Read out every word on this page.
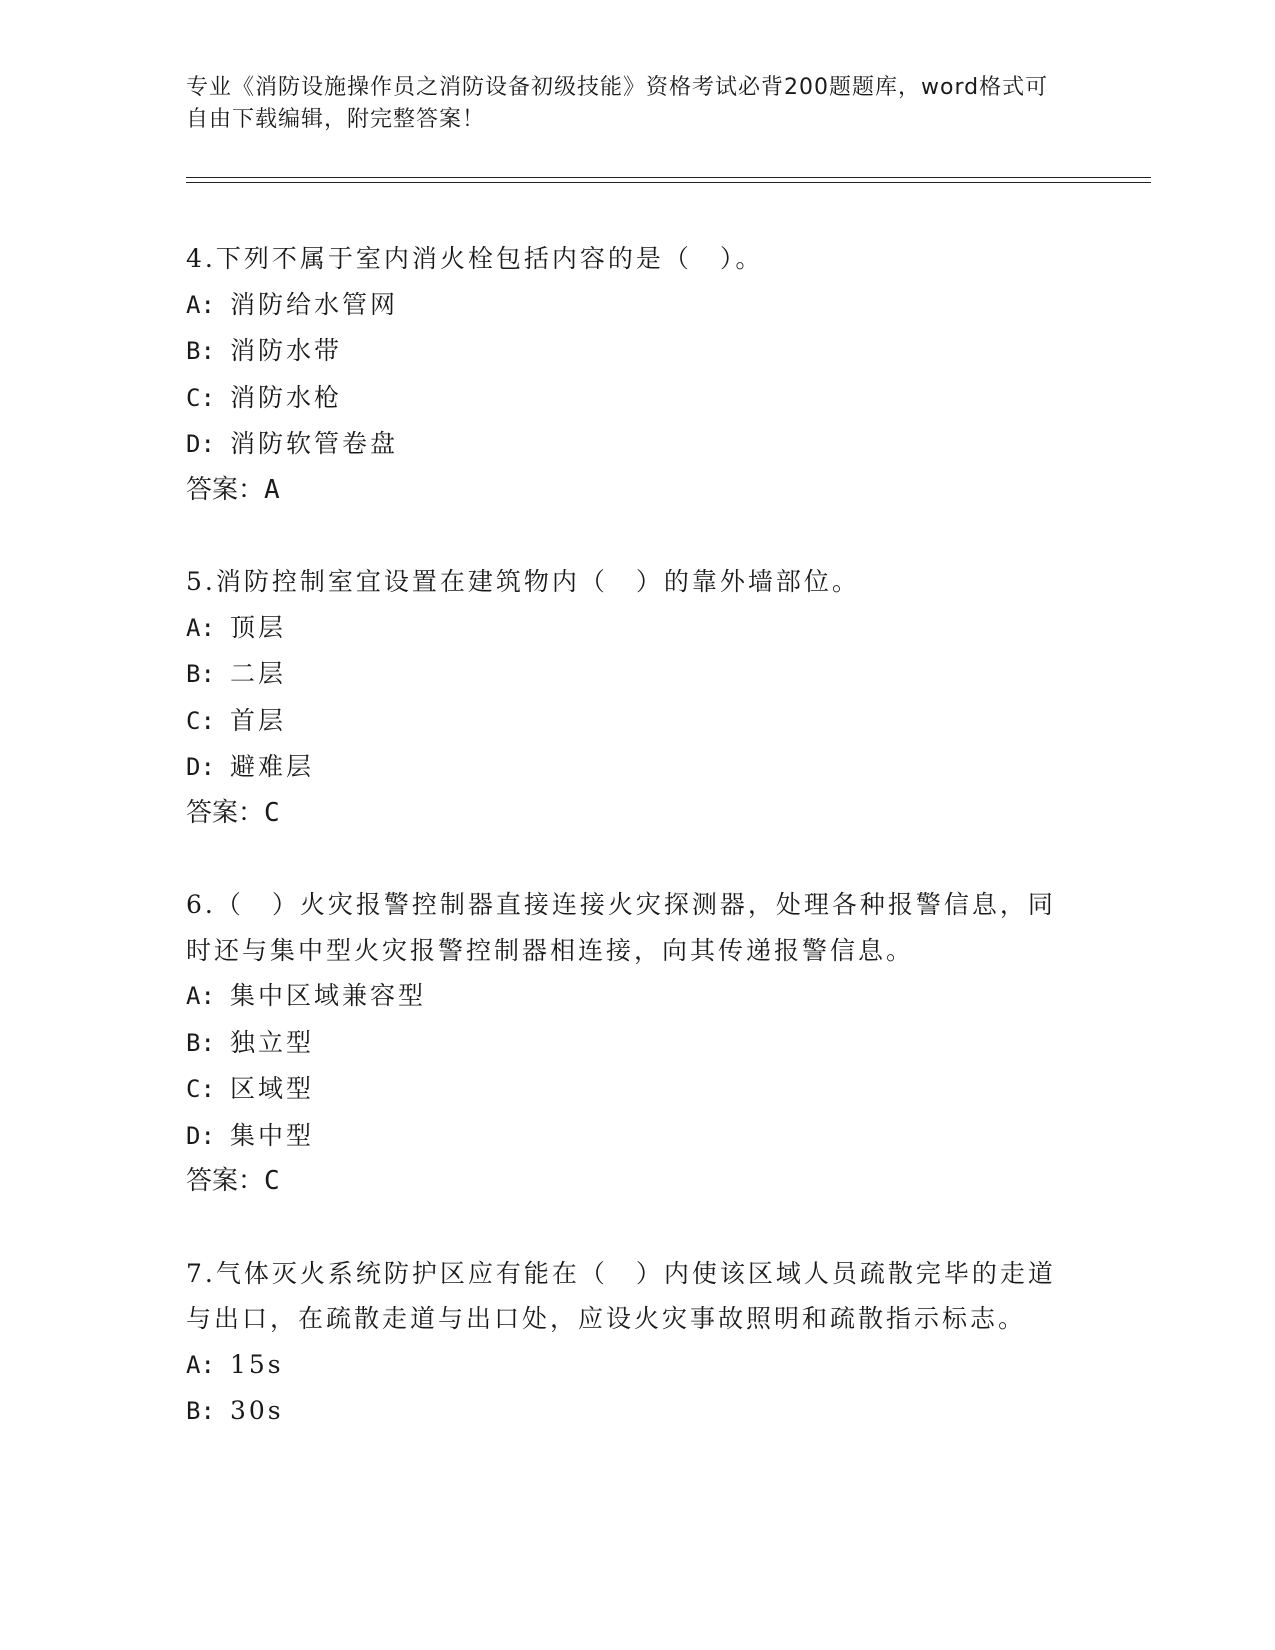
专业《消防设施操作员之消防设备初级技能》资格考试必背200题题库，word格式可自由下载编辑，附完整答案！
4.下列不属于室内消火栓包括内容的是（　）。
A: 消防给水管网
B: 消防水带
C: 消防水枪
D: 消防软管卷盘
答案：A
5.消防控制室宜设置在建筑物内（　）的靠外墙部位。
A: 顶层
B: 二层
C: 首层
D: 避难层
答案：C
6.（　）火灾报警控制器直接连接火灾探测器，处理各种报警信息，同时还与集中型火灾报警控制器相连接，向其传递报警信息。
A: 集中区域兼容型
B: 独立型
C: 区域型
D: 集中型
答案：C
7.气体灭火系统防护区应有能在（　）内使该区域人员疏散完毕的走道与出口，在疏散走道与出口处，应设火灾事故照明和疏散指示标志。
A: 15s
B: 30s
